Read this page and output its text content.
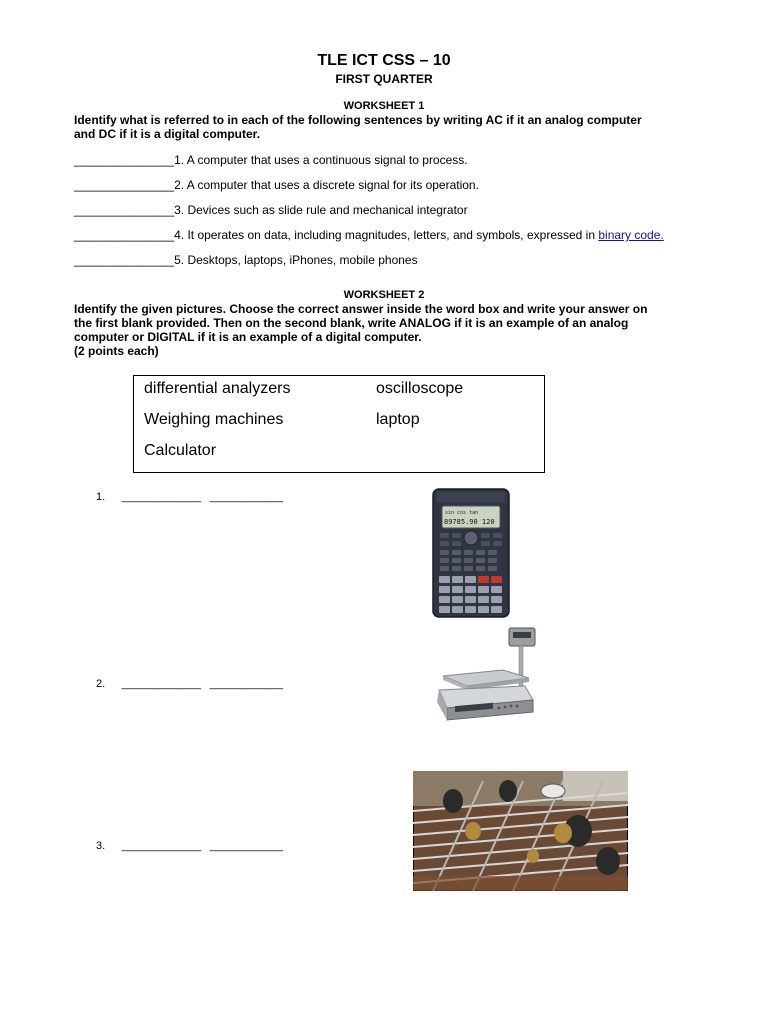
TLE ICT CSS – 10
FIRST QUARTER
WORKSHEET 1
Identify what is referred to in each of the following sentences by writing AC if it an analog computer
and DC if it is a digital computer.
_______________1. A computer that uses a continuous signal to process.
_______________2. A computer that uses a discrete signal for its operation.
_______________3. Devices such as slide rule and mechanical integrator
_______________4. It operates on data, including magnitudes, letters, and symbols, expressed in binary code.
_______________5. Desktops, laptops, iPhones, mobile phones
WORKSHEET 2
Identify the given pictures. Choose the correct answer inside the word box and write your answer on
the first blank provided. Then on the second blank, write ANALOG if it is an example of an analog
computer or DIGITAL if it is an example of a digital computer.
(2 points each)
differential analyzers
Weighing machines
Calculator
oscilloscope
laptop
1. _____________ ____________
2. _____________ ____________
3. _____________ ____________
sin cos tan
89785.90 120
